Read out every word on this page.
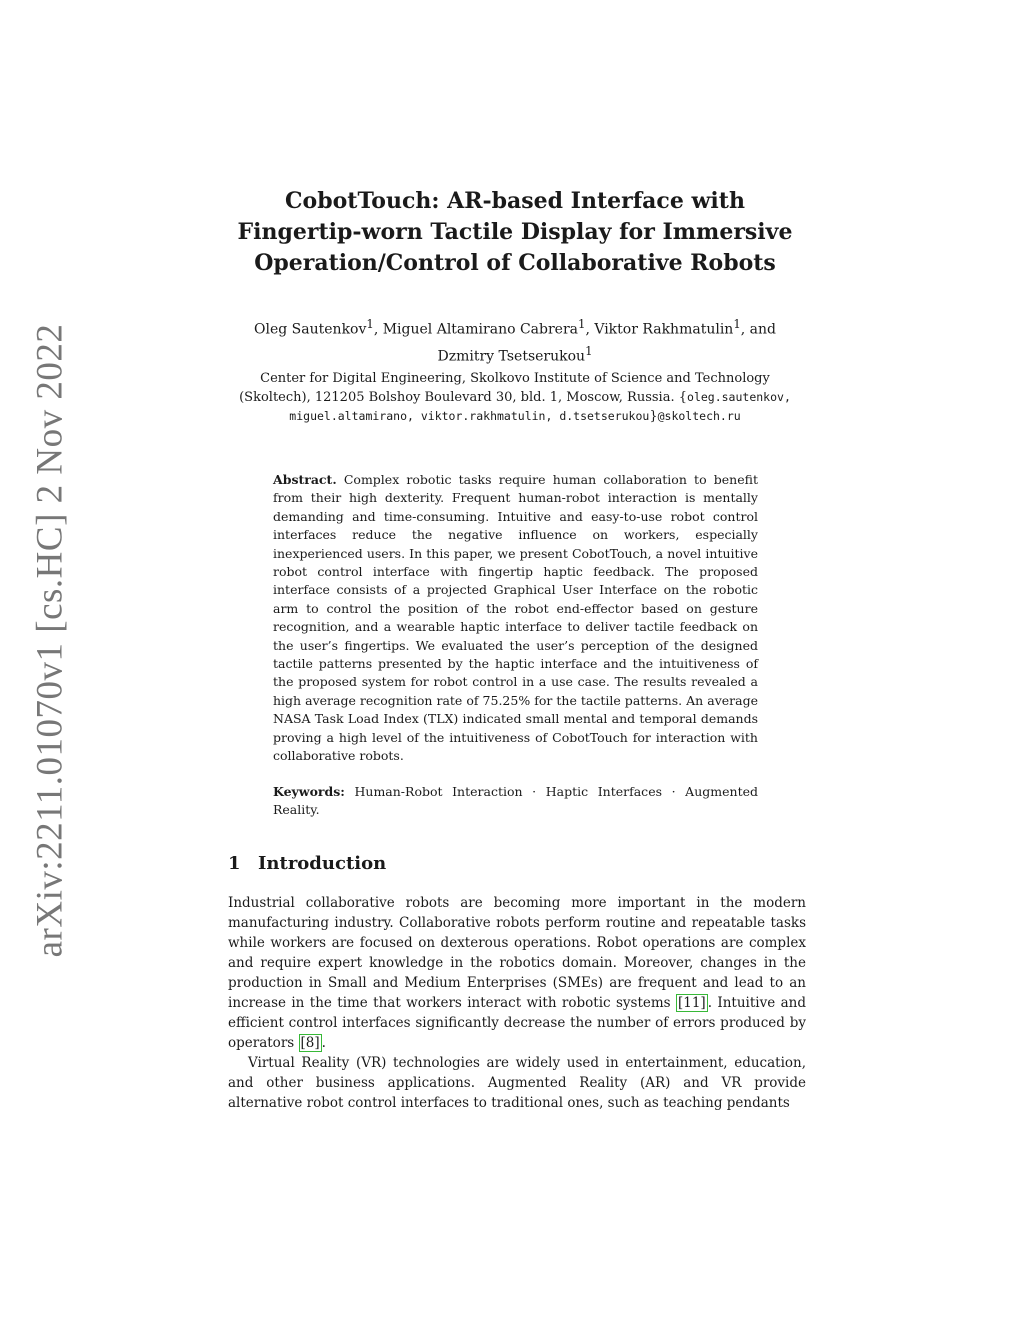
arXiv:2211.01070v1 [cs.HC] 2 Nov 2022
CobotTouch: AR-based Interface with
Fingertip-worn Tactile Display for Immersive
Operation/Control of Collaborative Robots
Oleg Sautenkov$^1$, Miguel Altamirano Cabrera$^1$, Viktor Rakhmatulin$^1$, and
Dzmitry Tsetserukou$^1$
Center for Digital Engineering, Skolkovo Institute of Science and Technology
(Skoltech), 121205 Bolshoy Boulevard 30, bld. 1, Moscow, Russia. {oleg.sautenkov,
miguel.altamirano, viktor.rakhmatulin, d.tsetserukou}@skoltech.ru
Abstract. Complex robotic tasks require human collaboration to benefit from their high dexterity. Frequent human-robot interaction is mentally demanding and time-consuming. Intuitive and easy-to-use robot control interfaces reduce the negative influence on workers, especially inexperienced users. In this paper, we present CobotTouch, a novel intuitive robot control interface with fingertip haptic feedback. The proposed interface consists of a projected Graphical User Interface on the robotic arm to control the position of the robot end-effector based on gesture recognition, and a wearable haptic interface to deliver tactile feedback on the user’s fingertips. We evaluated the user’s perception of the designed tactile patterns presented by the haptic interface and the intuitiveness of the proposed system for robot control in a use case. The results revealed a high average recognition rate of 75.25% for the tactile patterns. An average NASA Task Load Index (TLX) indicated small mental and temporal demands proving a high level of the intuitiveness of CobotTouch for interaction with collaborative robots.
Keywords: Human-Robot Interaction · Haptic Interfaces · Augmented Reality.
1 Introduction

Industrial collaborative robots are becoming more important in the modern manufacturing industry. Collaborative robots perform routine and repeatable tasks while workers are focused on dexterous operations. Robot operations are complex and require expert knowledge in the robotics domain. Moreover, changes in the production in Small and Medium Enterprises (SMEs) are frequent and lead to an increase in the time that workers interact with robotic systems [11] . Intuitive and efficient control interfaces significantly decrease the number of errors produced by operators [8] .

Virtual Reality (VR) technologies are widely used in entertainment, education, and other business applications. Augmented Reality (AR) and VR provide alternative robot control interfaces to traditional ones, such as teaching pendants
